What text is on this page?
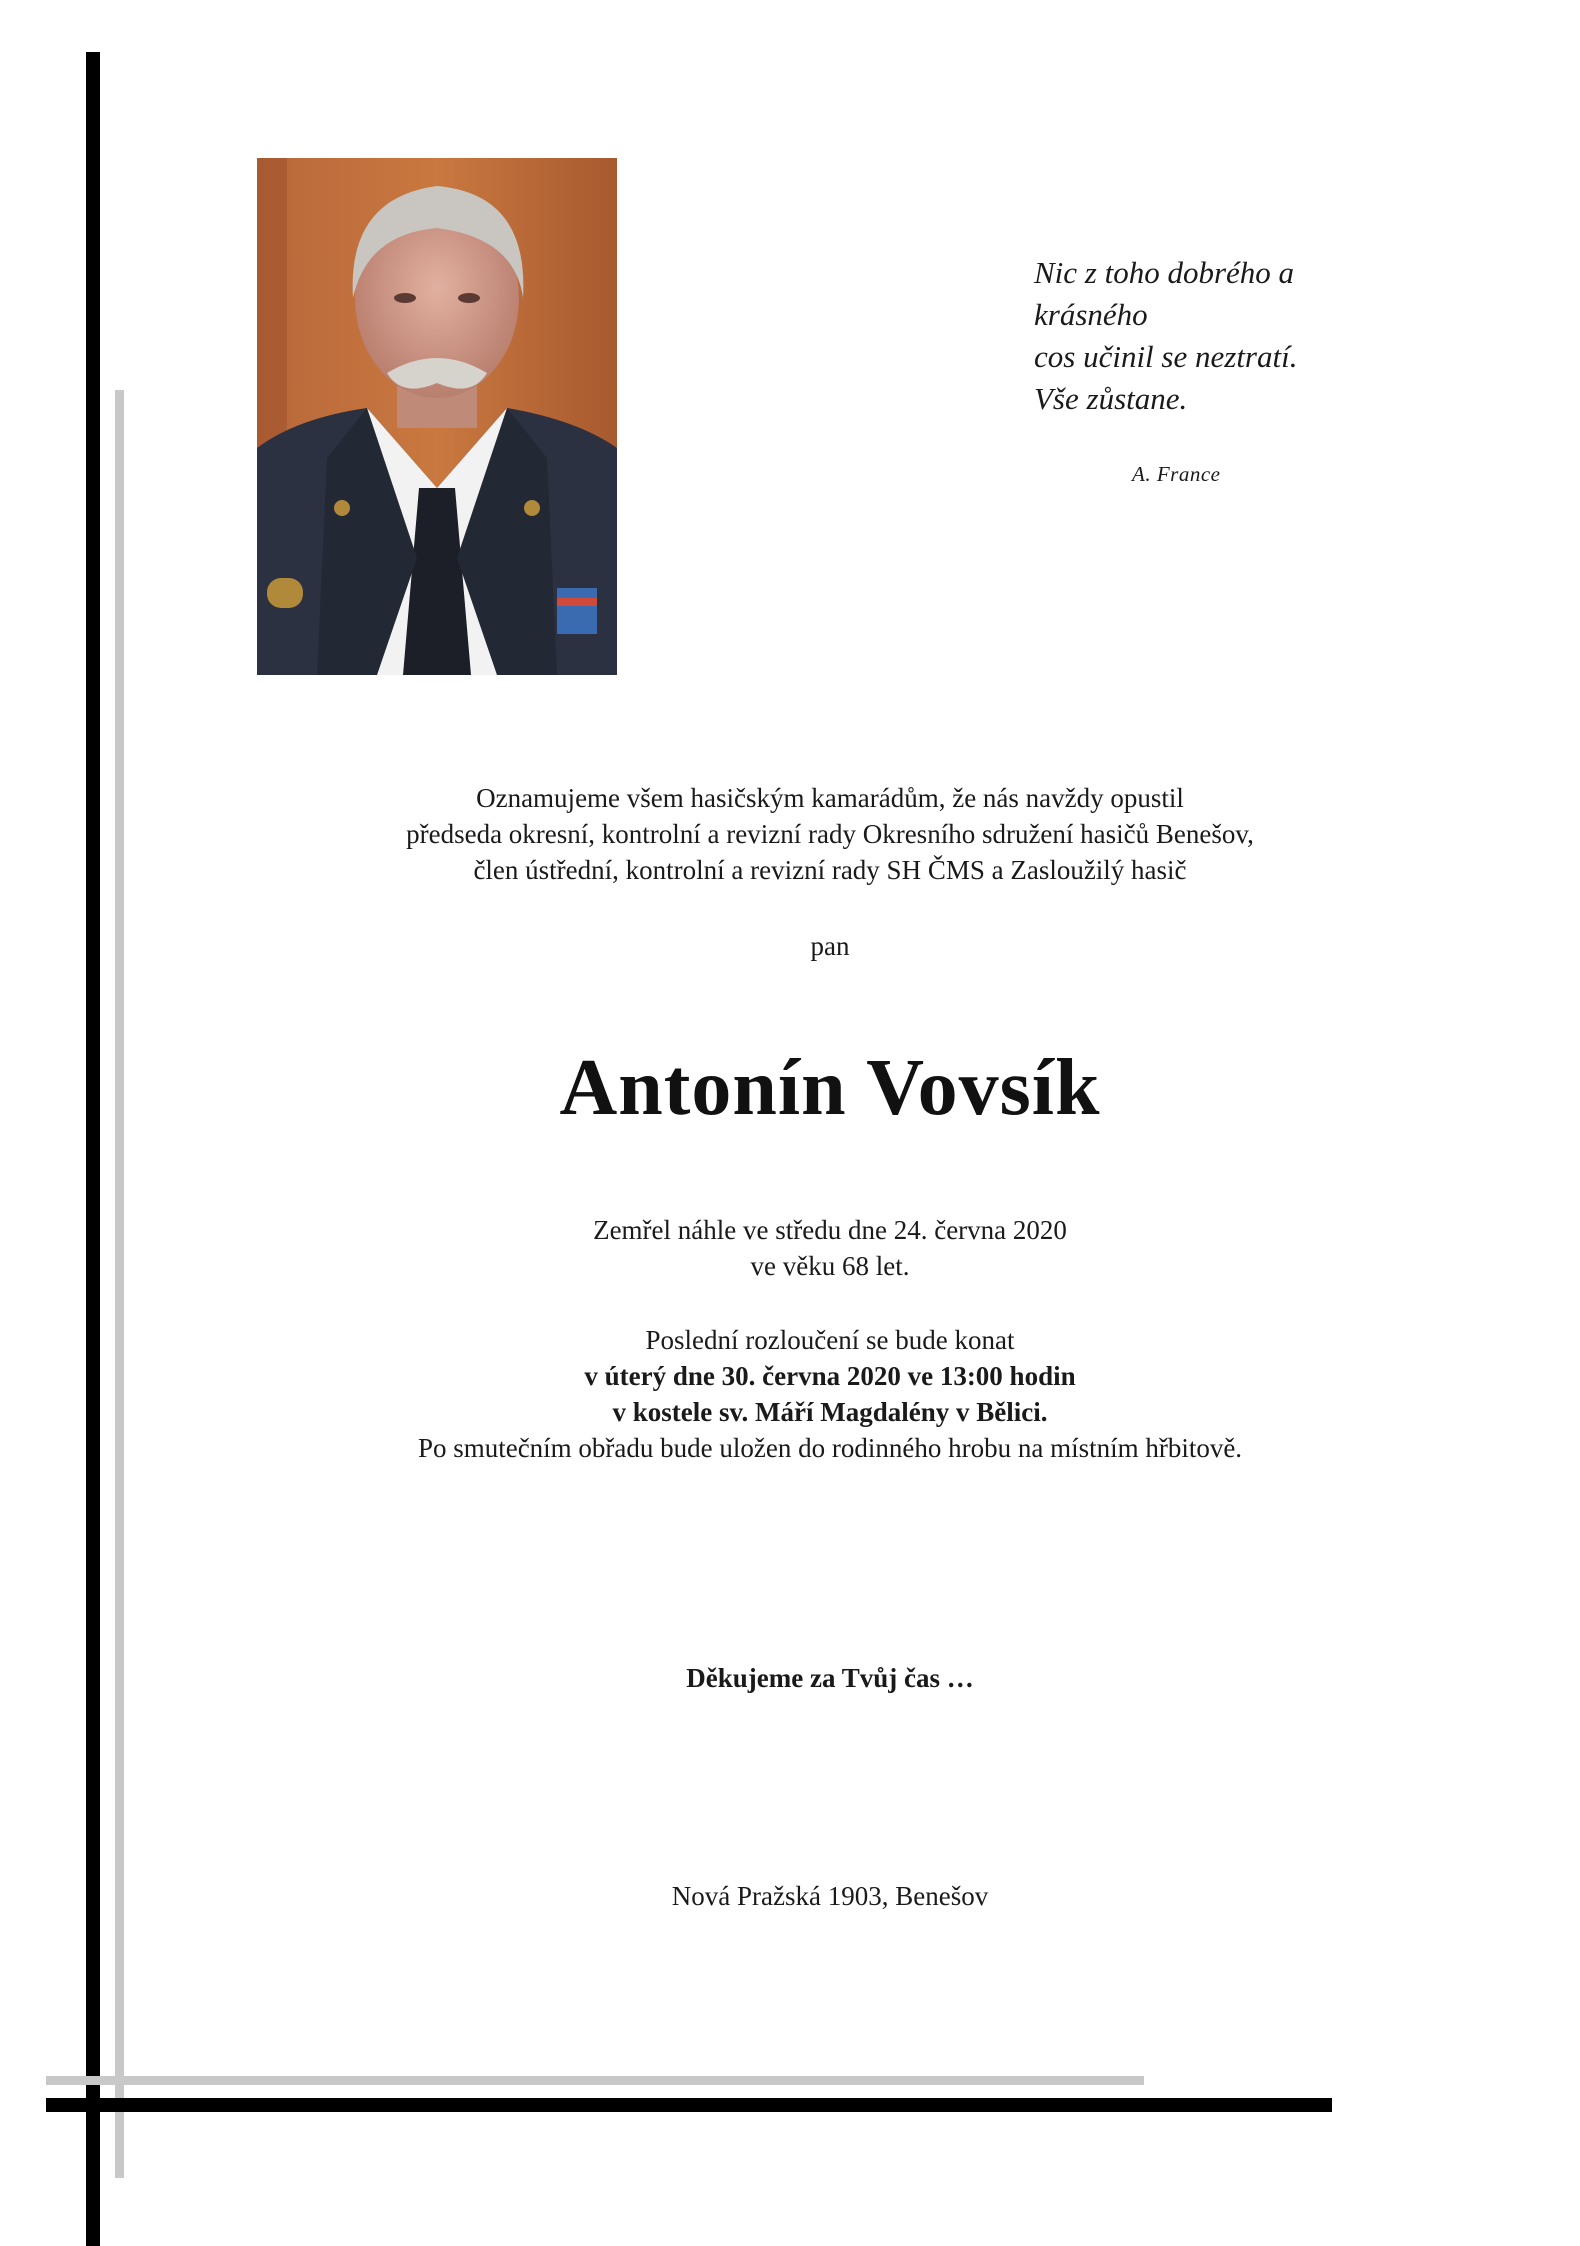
Nic z toho dobrého a
krásného
cos učinil se neztratí.
Vše zůstane.
A. France
Oznamujeme všem hasičským kamarádům, že nás navždy opustil
předseda okresní, kontrolní a revizní rady Okresního sdružení hasičů Benešov,
člen ústřední, kontrolní a revizní rady SH ČMS a Zasloužilý hasič
pan
Antonín Vovsík
Zemřel náhle ve středu dne 24. června 2020
ve věku 68 let.
Poslední rozloučení se bude konat
v úterý dne 30. června 2020 ve 13:00 hodin
v kostele sv. Máří Magdalény v Bělici.
Po smutečním obřadu bude uložen do rodinného hrobu na místním hřbitově.
Děkujeme za Tvůj čas …
Nová Pražská 1903, Benešov
